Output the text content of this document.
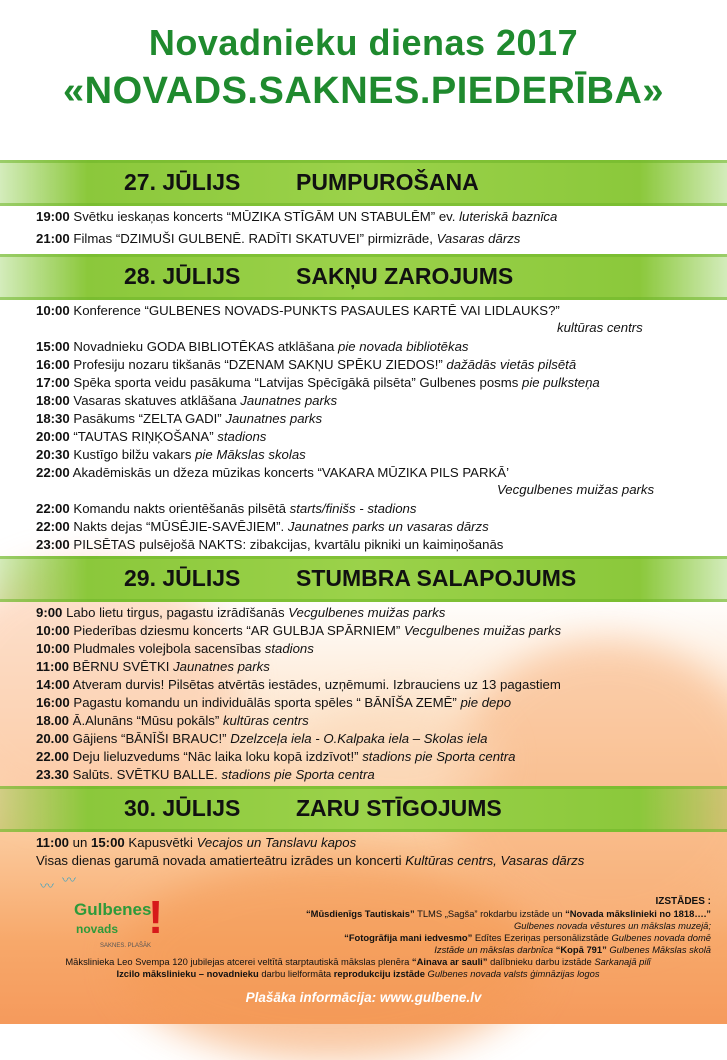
Novadnieku dienas 2017
«NOVADS.SAKNES.PIEDERĪBA»
27. JŪLIJS PUMPUROŠANA
19:00 Svētku ieskaņas koncerts “MŪZIKA STĪGĀM UN STABULĒM” ev. luteriskā baznīca
21:00 Filmas “DZIMUŠI GULBENĒ. RADĪTI SKATUVEI” pirmizrāde, Vasaras dārzs
28. JŪLIJS SAKŅU ZAROJUMS
10:00 Konference “GULBENES NOVADS-PUNKTS PASAULES KARTĒ VAI LIDLAUKS?”
kultūras centrs
15:00 Novadnieku GODA BIBLIOTĒKAS atklāšana pie novada bibliotēkas
16:00 Profesiju nozaru tikšanās “DZENAM SAKŅU SPĒKU ZIEDOS!” dažādās vietās pilsētā
17:00 Spēka sporta veidu pasākuma “Latvijas Spēcīgākā pilsēta” Gulbenes posms pie pulksteņa
18:00 Vasaras skatuves atklāšana Jaunatnes parks
18:30 Pasākums “ZELTA GADI” Jaunatnes parks
20:00 “TAUTAS RIŅĶOŠANA” stadions
20:30 Kustīgo bilžu vakars pie Mākslas skolas
22:00 Akadēmiskās un džeza mūzikas koncerts “VAKARA MŪZIKA PILS PARKĀ’
Vecgulbenes muižas parks
22:00 Komandu nakts orientēšanās pilsētā starts/finišs - stadions
22:00 Nakts dejas “MŪSĒJIE-SAVĒJIEM”. Jaunatnes parks un vasaras dārzs
23:00 PILSĒTAS pulsējošā NAKTS: zibakcijas, kvartālu pikniki un kaimiņošanās
29. JŪLIJS STUMBRA SALAPOJUMS
9:00 Labo lietu tirgus, pagastu izrādīšanās Vecgulbenes muižas parks
10:00 Piederības dziesmu koncerts “AR GULBJA SPĀRNIEM” Vecgulbenes muižas parks
10:00 Pludmales volejbola sacensības stadions
11:00 BĒRNU SVĒTKI Jaunatnes parks
14:00 Atveram durvis! Pilsētas atvērtās iestādes, uzņēmumi. Izbrauciens uz 13 pagastiem
16:00 Pagastu komandu un individuālās sporta spēles “ BĀNĪŠA ZEMĒ” pie depo
18.00 Ā.Alunāns “Mūsu pokāls” kultūras centrs
20.00 Gājiens “BĀNĪŠI BRAUC!” Dzelzceļa iela - O.Kalpaka iela – Skolas iela
22.00 Deju lieluzvedums “Nāc laika loku kopā izdzīvot!” stadions pie Sporta centra
23.30 Salūts. SVĒTKU BALLE. stadions pie Sporta centra
30. JŪLIJS ZARU STĪGOJUMS
11:00 un 15:00 Kapusvētki Vecajos un Tanslavu kapos
Visas dienas garumā novada amatierteātru izrādes un koncerti Kultūras centrs, Vasaras dārzs
〰 〰
Gulbenes
novads
SAKNES. PLAŠĀK
!	IZSTĀDES :
“Mūsdienīgs Tautiskais” TLMS „Sagša” rokdarbu izstāde un “Novada mākslinieki no 1818….”
Gulbenes novada vēstures un mākslas muzejā;
“Fotogrāfija mani iedvesmo” Edītes Ezeriņas personālizstāde Gulbenes novada domē
Izstāde un mākslas darbnīca “Kopā 791” Gulbenes Mākslas skolā
Mākslinieka Leo Svempa 120 jubilejas atcerei veltītā starptautiskā mākslas plenēra “Ainava ar sauli” dalībnieku darbu izstāde Sarkanajā pilī
Izcilo mākslinieku – novadnieku darbu lielformāta reprodukciju izstāde Gulbenes novada valsts ģimnāzijas logos
Plašāka informācija: www.gulbene.lv
